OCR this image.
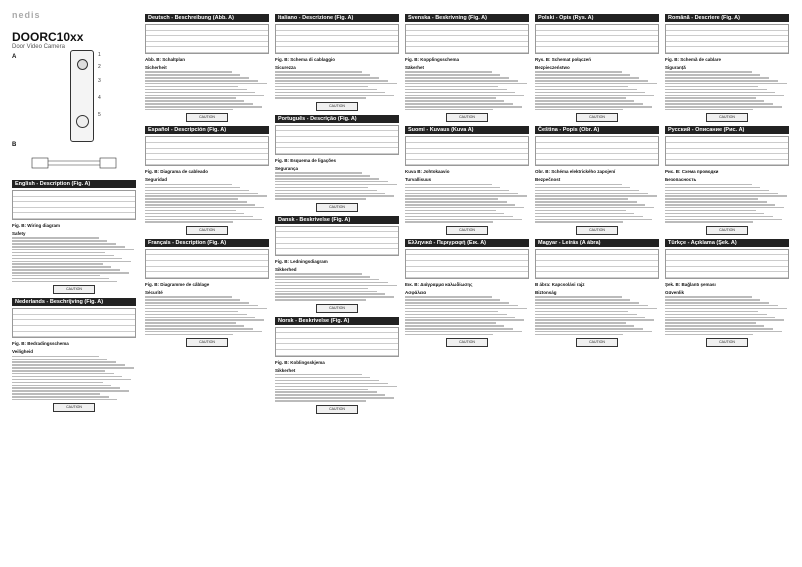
nedis
DOORC10xx
Door Video Camera
A	1
2
3
4
5
B
English - Description (Fig. A)
Fig. B: Wiring diagram
Safety
CAUTION
Nederlands - Beschrijving (Fig. A)
Fig. B: Bedradingsschema
Veiligheid
CAUTION
Deutsch - Beschreibung (Abb. A)
Abb. B: Schaltplan
Sicherheit
CAUTION
Español - Descripción (Fig. A)
Fig. B: Diagrama de cableado
Seguridad
CAUTION
Français - Description (Fig. A)
Fig. B: Diagramme de câblage
Sécurité
CAUTION
Italiano - Descrizione (Fig. A)
Fig. B: Schema di cablaggio
Sicurezza
CAUTION
Português - Descrição (Fig. A)
Fig. B: Esquema de ligações
Segurança
CAUTION
Dansk - Beskrivelse (Fig. A)
Fig. B: Ledningsdiagram
Sikkerhed
CAUTION
Norsk - Beskrivelse (Fig. A)
Fig. B: Koblingsskjema
Sikkerhet
CAUTION
Svenska - Beskrivning (Fig. A)
Fig. B: Kopplingsschema
Säkerhet
CAUTION
Suomi - Kuvaus (Kuva A)
Kuva B: Johtokaavio
Turvallisuus
CAUTION
Ελληνικά - Περιγραφή (Εικ. A)
Εικ. B: Διάγραμμα καλωδίωσης
Ασφάλεια
CAUTION
Polski - Opis (Rys. A)
Rys. B: Schemat połączeń
Bezpieczeństwo
CAUTION
Čeština - Popis (Obr. A)
Obr. B: Schéma elektrického zapojení
Bezpečnost
CAUTION
Magyar - Leírás (A ábra)
B ábra: Kapcsolási rajz
Biztonság
CAUTION
Română - Descriere (Fig. A)
Fig. B: Schemă de cablare
Siguranță
CAUTION
Русский - Описание (Рис. A)
Рис. B: Схема проводки
Безопасность
CAUTION
Türkçe - Açıklama (Şek. A)
Şek. B: Bağlantı şeması
Güvenlik
CAUTION
